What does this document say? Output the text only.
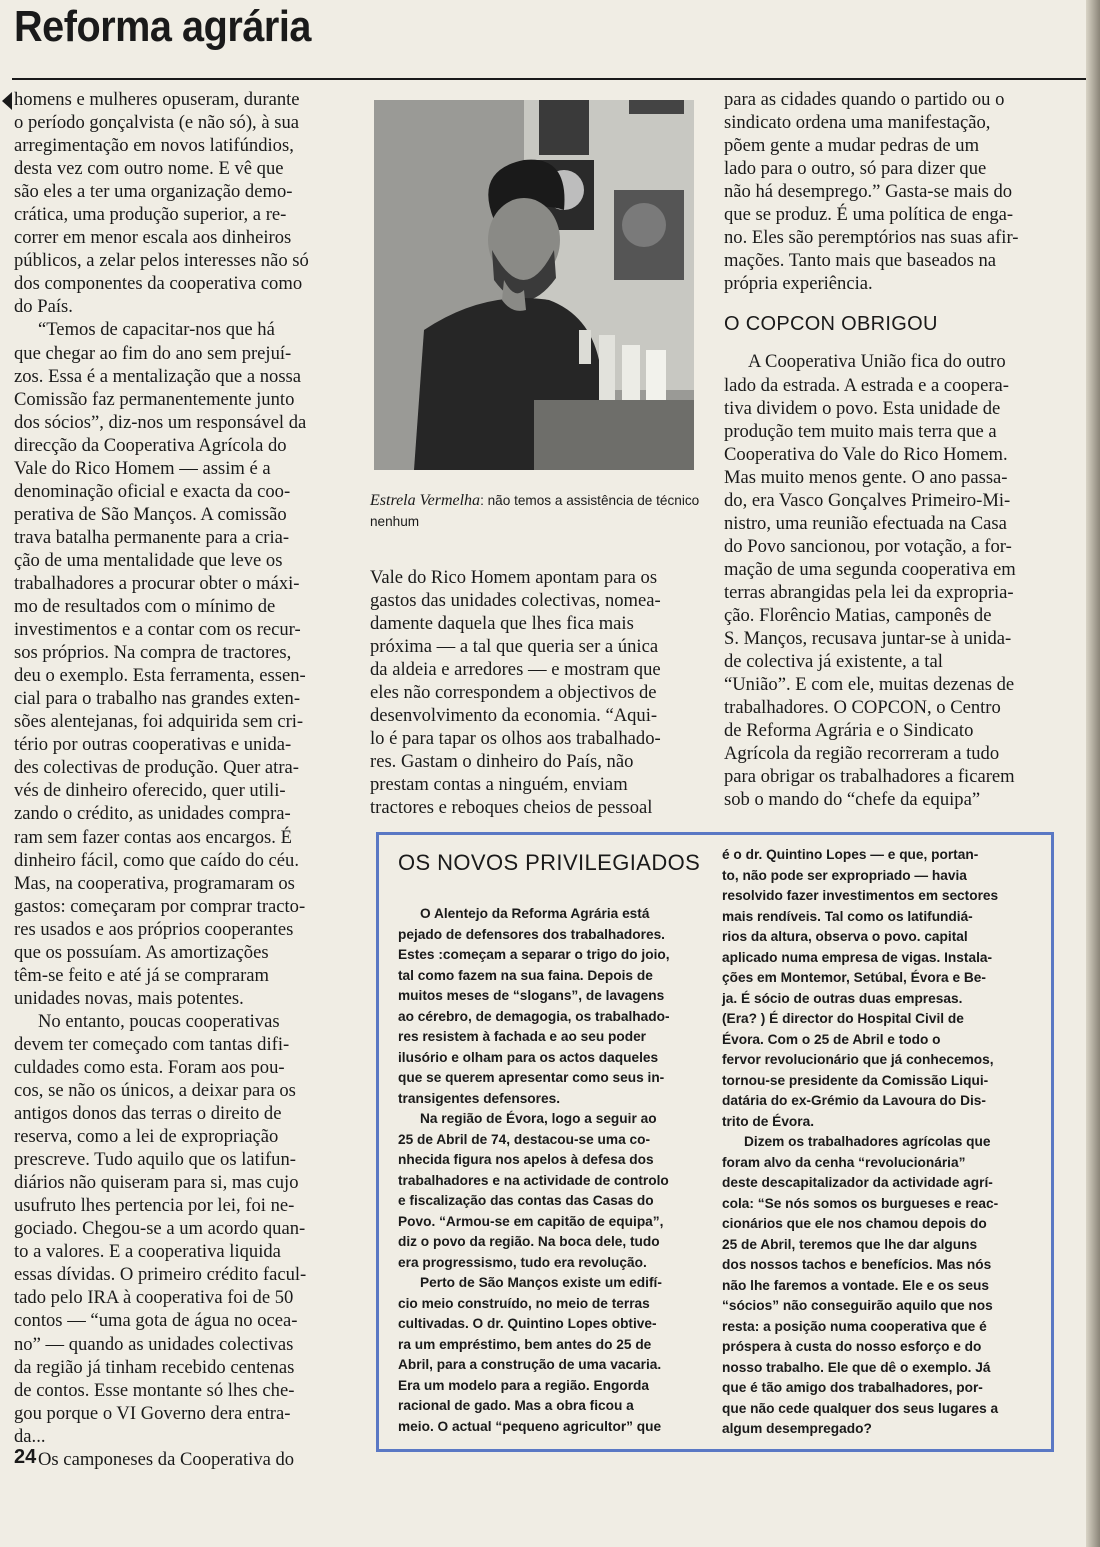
Reforma agrária

homens e mulheres opuseram, durante
o período gonçalvista (e não só), à sua
arregimentação em novos latifúndios,
desta vez com outro nome. E vê que
são eles a ter uma organização demo-
crática, uma produção superior, a re-
correr em menor escala aos dinheiros
públicos, a zelar pelos interesses não só
dos componentes da cooperativa como
do País.

“Temos de capacitar-nos que há
que chegar ao fim do ano sem prejuí-
zos. Essa é a mentalização que a nossa
Comissão faz permanentemente junto
dos sócios”, diz-nos um responsável da
direcção da Cooperativa Agrícola do
Vale do Rico Homem — assim é a
denominação oficial e exacta da coo-
perativa de São Manços. A comissão
trava batalha permanente para a cria-
ção de uma mentalidade que leve os
trabalhadores a procurar obter o máxi-
mo de resultados com o mínimo de
investimentos e a contar com os recur-
sos próprios. Na compra de tractores,
deu o exemplo. Esta ferramenta, essen-
cial para o trabalho nas grandes exten-
sões alentejanas, foi adquirida sem cri-
tério por outras cooperativas e unida-
des colectivas de produção. Quer atra-
vés de dinheiro oferecido, quer utili-
zando o crédito, as unidades compra-
ram sem fazer contas aos encargos. É
dinheiro fácil, como que caído do céu.
Mas, na cooperativa, programaram os
gastos: começaram por comprar tracto-
res usados e aos próprios cooperantes
que os possuíam. As amortizações
têm-se feito e até já se compraram
unidades novas, mais potentes.

No entanto, poucas cooperativas
devem ter começado com tantas difi-
culdades como esta. Foram aos pou-
cos, se não os únicos, a deixar para os
antigos donos das terras o direito de
reserva, como a lei de expropriação
prescreve. Tudo aquilo que os latifun-
diários não quiseram para si, mas cujo
usufruto lhes pertencia por lei, foi ne-
gociado. Chegou-se a um acordo quan-
to a valores. E a cooperativa liquida
essas dívidas. O primeiro crédito facul-
tado pelo IRA à cooperativa foi de 50
contos — “uma gota de água no ocea-
no” — quando as unidades colectivas
da região já tinham recebido centenas
de contos. Esse montante só lhes che-
gou porque o VI Governo dera entra-
da...

Os camponeses da Cooperativa do

Estrela Vermelha: não temos a assistência de técnico nenhum

Vale do Rico Homem apontam para os
gastos das unidades colectivas, nomea-
damente daquela que lhes fica mais
próxima — a tal que queria ser a única
da aldeia e arredores — e mostram que
eles não correspondem a objectivos de
desenvolvimento da economia. “Aqui-
lo é para tapar os olhos aos trabalhado-
res. Gastam o dinheiro do País, não
prestam contas a ninguém, enviam
tractores e reboques cheios de pessoal

para as cidades quando o partido ou o
sindicato ordena uma manifestação,
põem gente a mudar pedras de um
lado para o outro, só para dizer que
não há desemprego.” Gasta-se mais do
que se produz. É uma política de enga-
no. Eles são peremptórios nas suas afir-
mações. Tanto mais que baseados na
própria experiência.

O COPCON OBRIGOU

A Cooperativa União fica do outro
lado da estrada. A estrada e a coopera-
tiva dividem o povo. Esta unidade de
produção tem muito mais terra que a
Cooperativa do Vale do Rico Homem.
Mas muito menos gente. O ano passa-
do, era Vasco Gonçalves Primeiro-Mi-
nistro, uma reunião efectuada na Casa
do Povo sancionou, por votação, a for-
mação de uma segunda cooperativa em
terras abrangidas pela lei da expropria-
ção. Florêncio Matias, camponês de
S. Manços, recusava juntar-se à unida-
de colectiva já existente, a tal
“União”. E com ele, muitas dezenas de
trabalhadores. O COPCON, o Centro
de Reforma Agrária e o Sindicato
Agrícola da região recorreram a tudo
para obrigar os trabalhadores a ficarem
sob o mando do “chefe da equipa”

OS NOVOS PRIVILEGIADOS

O Alentejo da Reforma Agrária está
pejado de defensores dos trabalhadores.
Estes :começam a separar o trigo do joio,
tal como fazem na sua faina. Depois de
muitos meses de “slogans”, de lavagens
ao cérebro, de demagogia, os trabalhado-
res resistem à fachada e ao seu poder
ilusório e olham para os actos daqueles
que se querem apresentar como seus in-
transigentes defensores.

Na região de Évora, logo a seguir ao
25 de Abril de 74, destacou-se uma co-
nhecida figura nos apelos à defesa dos
trabalhadores e na actividade de controlo
e fiscalização das contas das Casas do
Povo. “Armou-se em capitão de equipa”,
diz o povo da região. Na boca dele, tudo
era progressismo, tudo era revolução.

Perto de São Manços existe um edifí-
cio meio construído, no meio de terras
cultivadas. O dr. Quintino Lopes obtive-
ra um empréstimo, bem antes do 25 de
Abril, para a construção de uma vacaria.
Era um modelo para a região. Engorda
racional de gado. Mas a obra ficou a
meio. O actual “pequeno agricultor” que

é o dr. Quintino Lopes — e que, portan-
to, não pode ser expropriado — havia
resolvido fazer investimentos em sectores
mais rendíveis. Tal como os latifundiá-
rios da altura, observa o povo. capital
aplicado numa empresa de vigas. Instala-
ções em Montemor, Setúbal, Évora e Be-
ja. É sócio de outras duas empresas.
(Era? ) É director do Hospital Civil de
Évora. Com o 25 de Abril e todo o
fervor revolucionário que já conhecemos,
tornou-se presidente da Comissão Liqui-
datária do ex-Grémio da Lavoura do Dis-
trito de Évora.

Dizem os trabalhadores agrícolas que
foram alvo da cenha “revolucionária”
deste descapitalizador da actividade agrí-
cola: “Se nós somos os burgueses e reac-
cionários que ele nos chamou depois do
25 de Abril, teremos que lhe dar alguns
dos nossos tachos e benefícios. Mas nós
não lhe faremos a vontade. Ele e os seus
“sócios” não conseguirão aquilo que nos
resta: a posição numa cooperativa que é
próspera à custa do nosso esforço e do
nosso trabalho. Ele que dê o exemplo. Já
que é tão amigo dos trabalhadores, por-
que não cede qualquer dos seus lugares a
algum desempregado?

24
